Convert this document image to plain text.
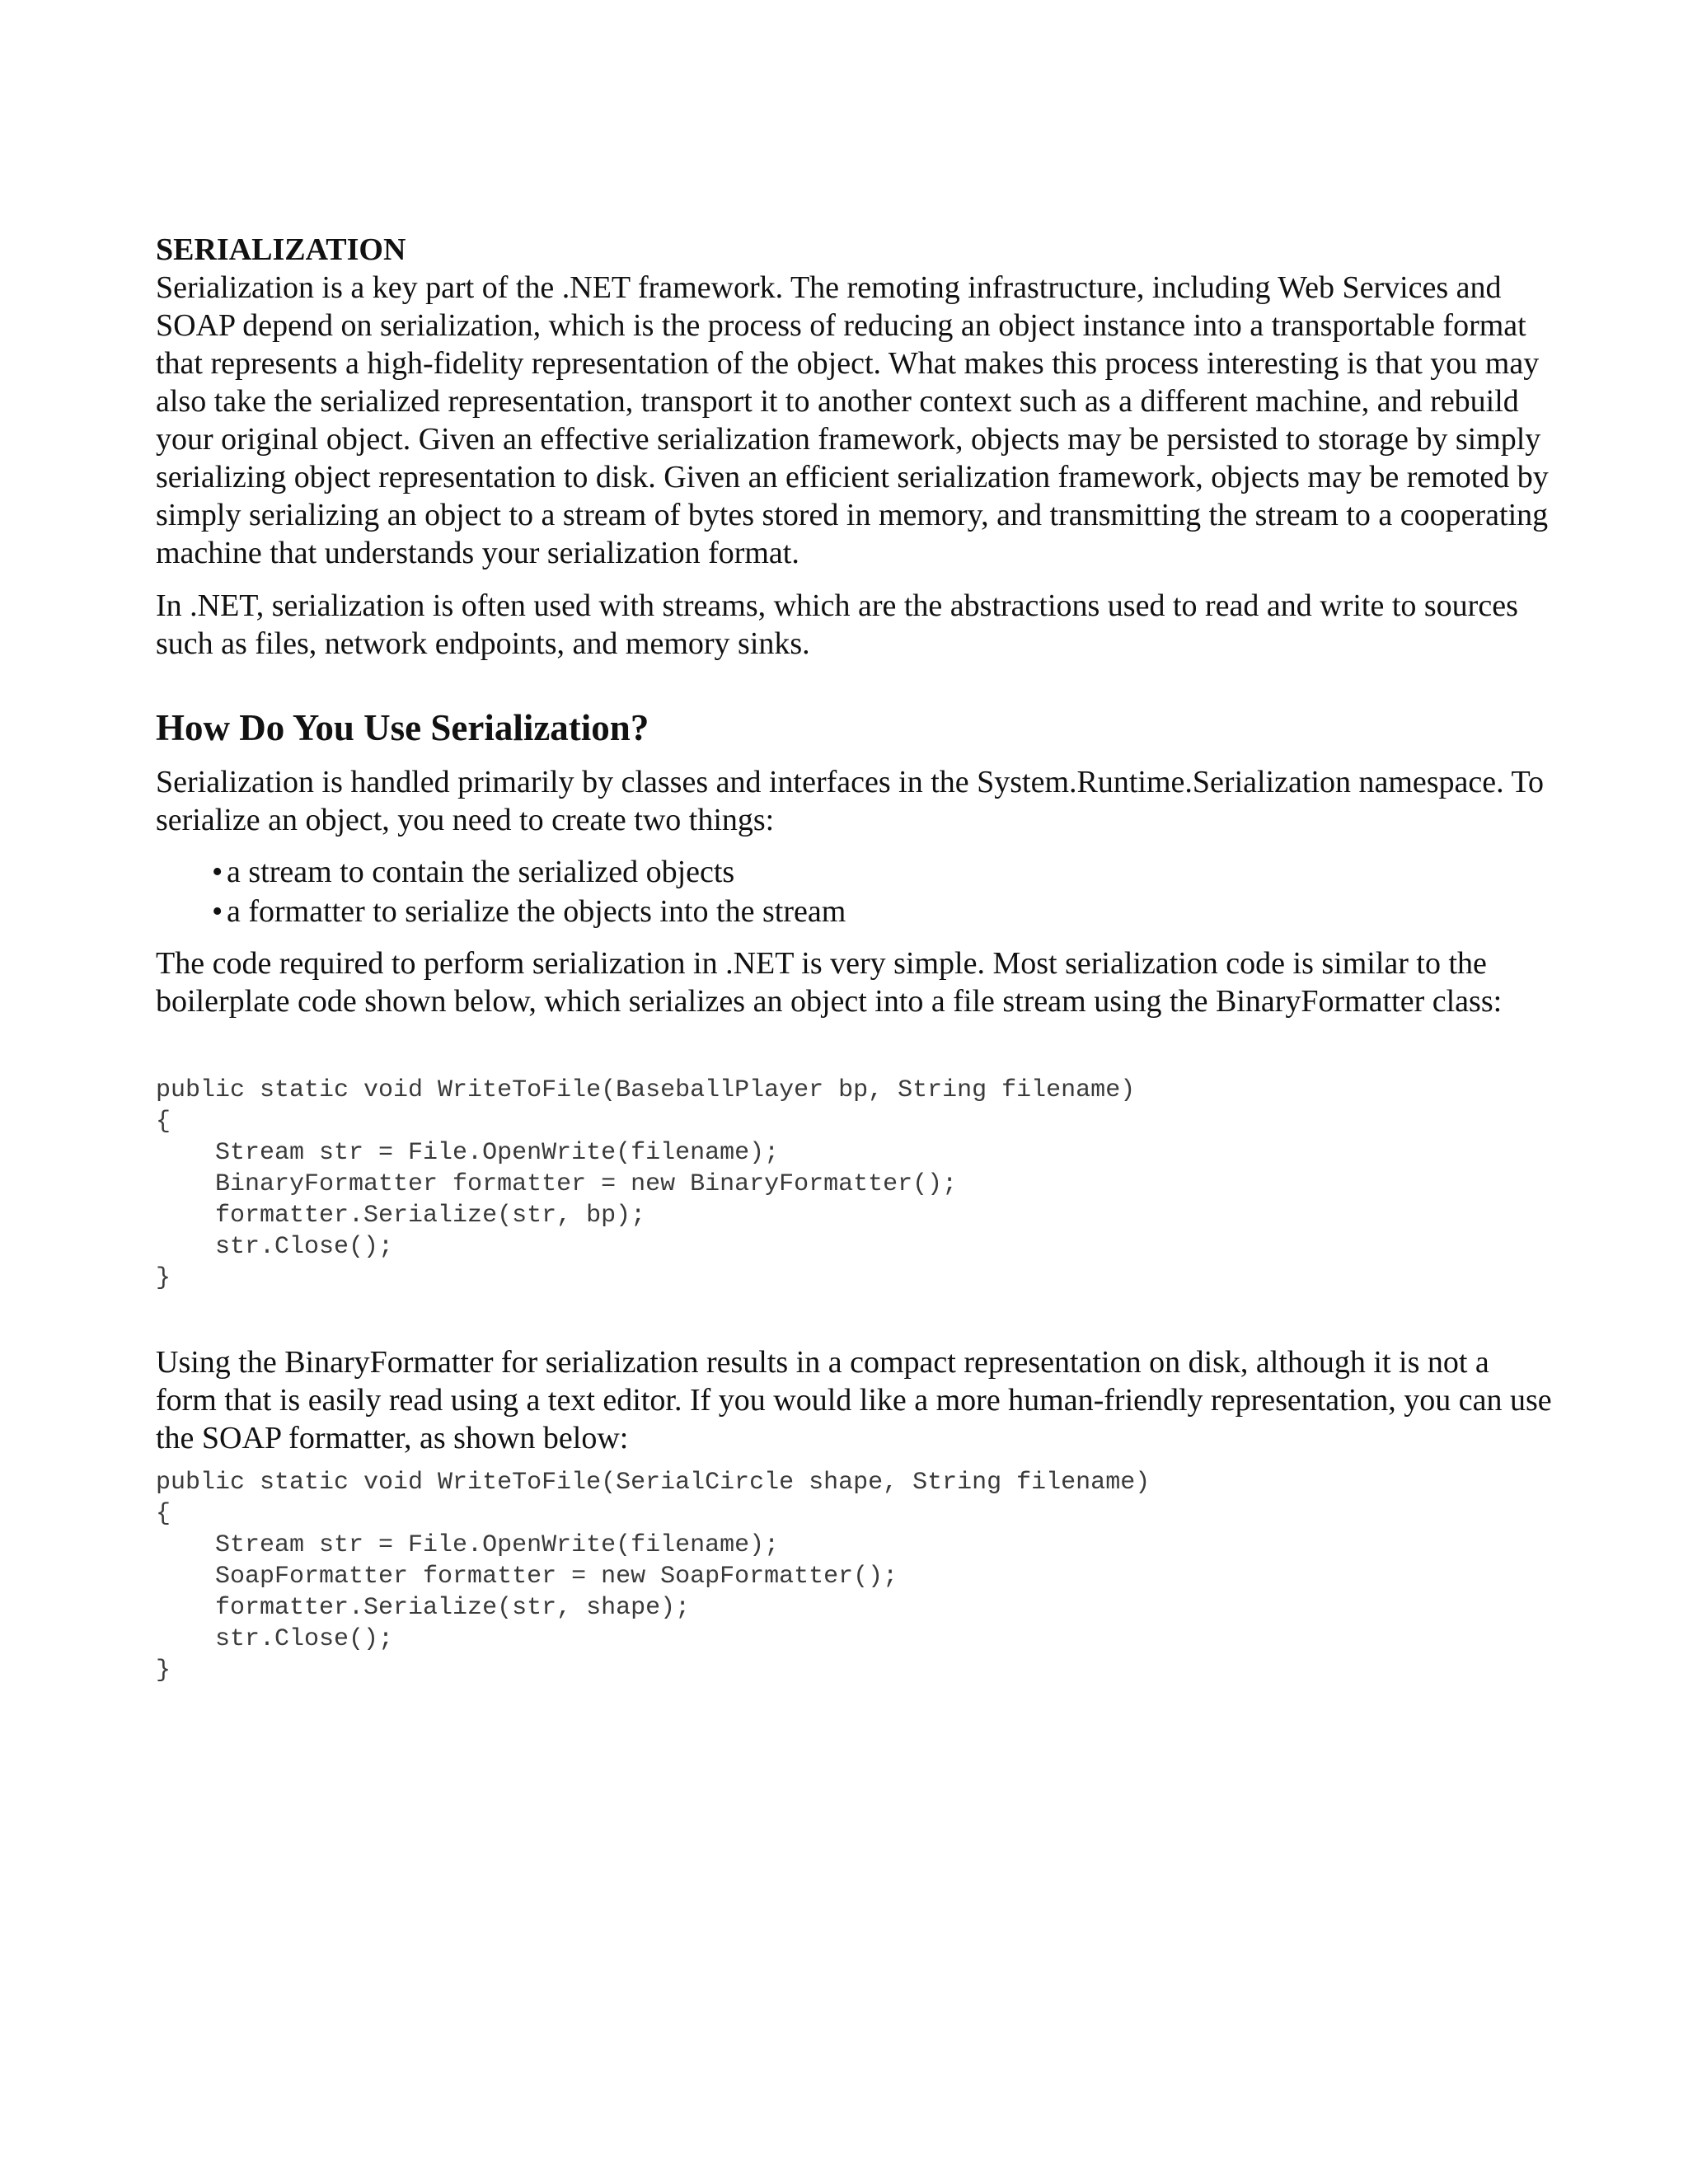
SERIALIZATION

Serialization is a key part of the .NET framework. The remoting infrastructure, including Web Services and SOAP depend on serialization, which is the process of reducing an object instance into a transportable format that represents a high-fidelity representation of the object. What makes this process interesting is that you may also take the serialized representation, transport it to another context such as a different machine, and rebuild your original object. Given an effective serialization framework, objects may be persisted to storage by simply serializing object representation to disk. Given an efficient serialization framework, objects may be remoted by simply serializing an object to a stream of bytes stored in memory, and transmitting the stream to a cooperating machine that understands your serialization format.

In .NET, serialization is often used with streams, which are the abstractions used to read and write to sources such as files, network endpoints, and memory sinks.

How Do You Use Serialization?

Serialization is handled primarily by classes and interfaces in the System.Runtime.Serialization namespace. To serialize an object, you need to create two things:

• a stream to contain the serialized objects
• a formatter to serialize the objects into the stream

The code required to perform serialization in .NET is very simple. Most serialization code is similar to the boilerplate code shown below, which serializes an object into a file stream using the BinaryFormatter class:

public static void WriteToFile(BaseballPlayer bp, String filename)
{
Stream str = File.OpenWrite(filename);
BinaryFormatter formatter = new BinaryFormatter();
formatter.Serialize(str, bp);
str.Close();
}

Using the BinaryFormatter for serialization results in a compact representation on disk, although it is not a form that is easily read using a text editor. If you would like a more human-friendly representation, you can use the SOAP formatter, as shown below:

public static void WriteToFile(SerialCircle shape, String filename)
{
Stream str = File.OpenWrite(filename);
SoapFormatter formatter = new SoapFormatter();
formatter.Serialize(str, shape);
str.Close();
}
